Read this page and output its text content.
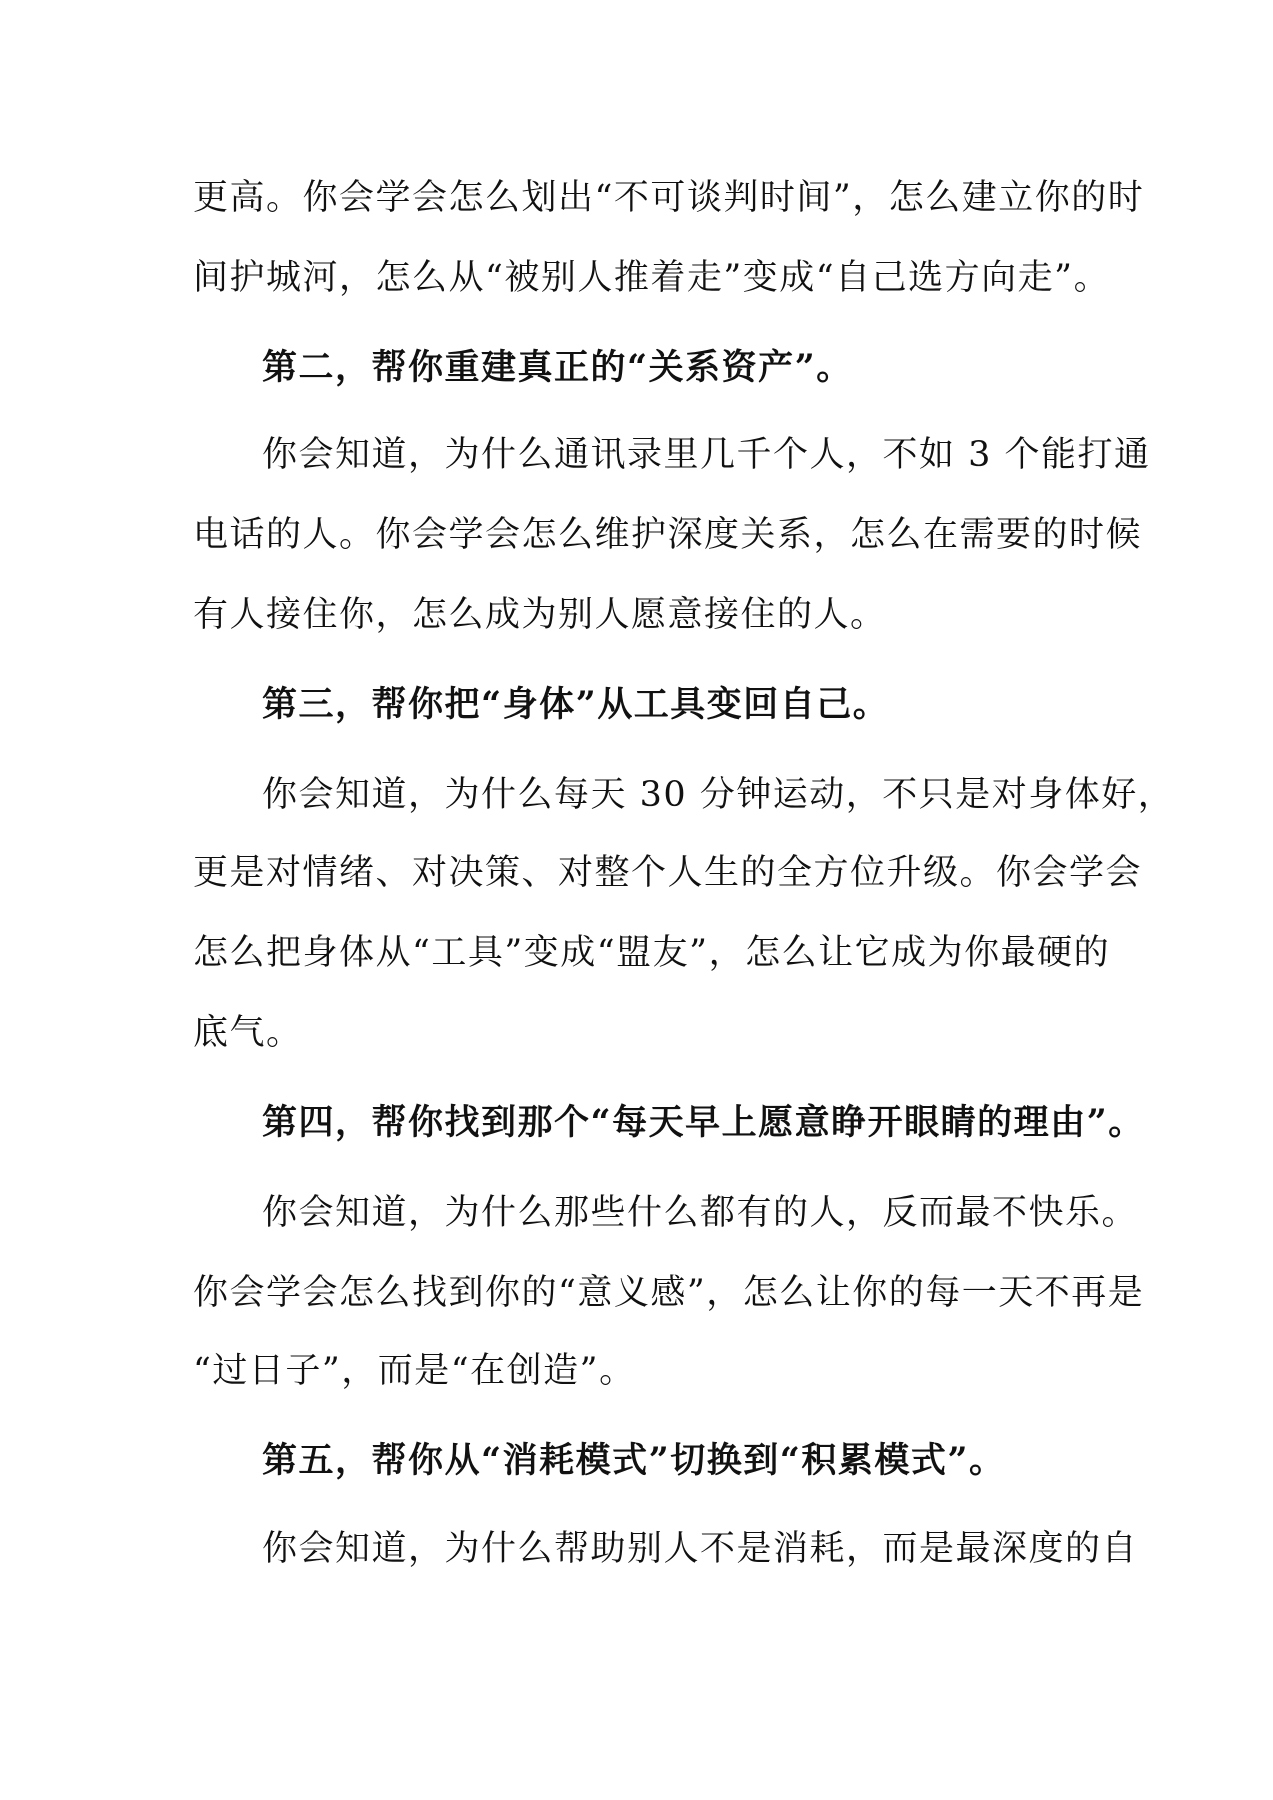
更高。你会学会怎么划出“不可谈判时间”，怎么建立你的时
间护城河，怎么从“被别人推着走”变成“自己选方向走”。
第二，帮你重建真正的“关系资产”。
你会知道，为什么通讯录里几千个人，不如 3 个能打通
电话的人。你会学会怎么维护深度关系，怎么在需要的时候
有人接住你，怎么成为别人愿意接住的人。
第三，帮你把“身体”从工具变回自己。
你会知道，为什么每天 30 分钟运动，不只是对身体好，
更是对情绪、对决策、对整个人生的全方位升级。你会学会
怎么把身体从“工具”变成“盟友”，怎么让它成为你最硬的
底气。
第四，帮你找到那个“每天早上愿意睁开眼睛的理由”。
你会知道，为什么那些什么都有的人，反而最不快乐。
你会学会怎么找到你的“意义感”，怎么让你的每一天不再是
“过日子”，而是“在创造”。
第五，帮你从“消耗模式”切换到“积累模式”。
你会知道，为什么帮助别人不是消耗，而是最深度的自
